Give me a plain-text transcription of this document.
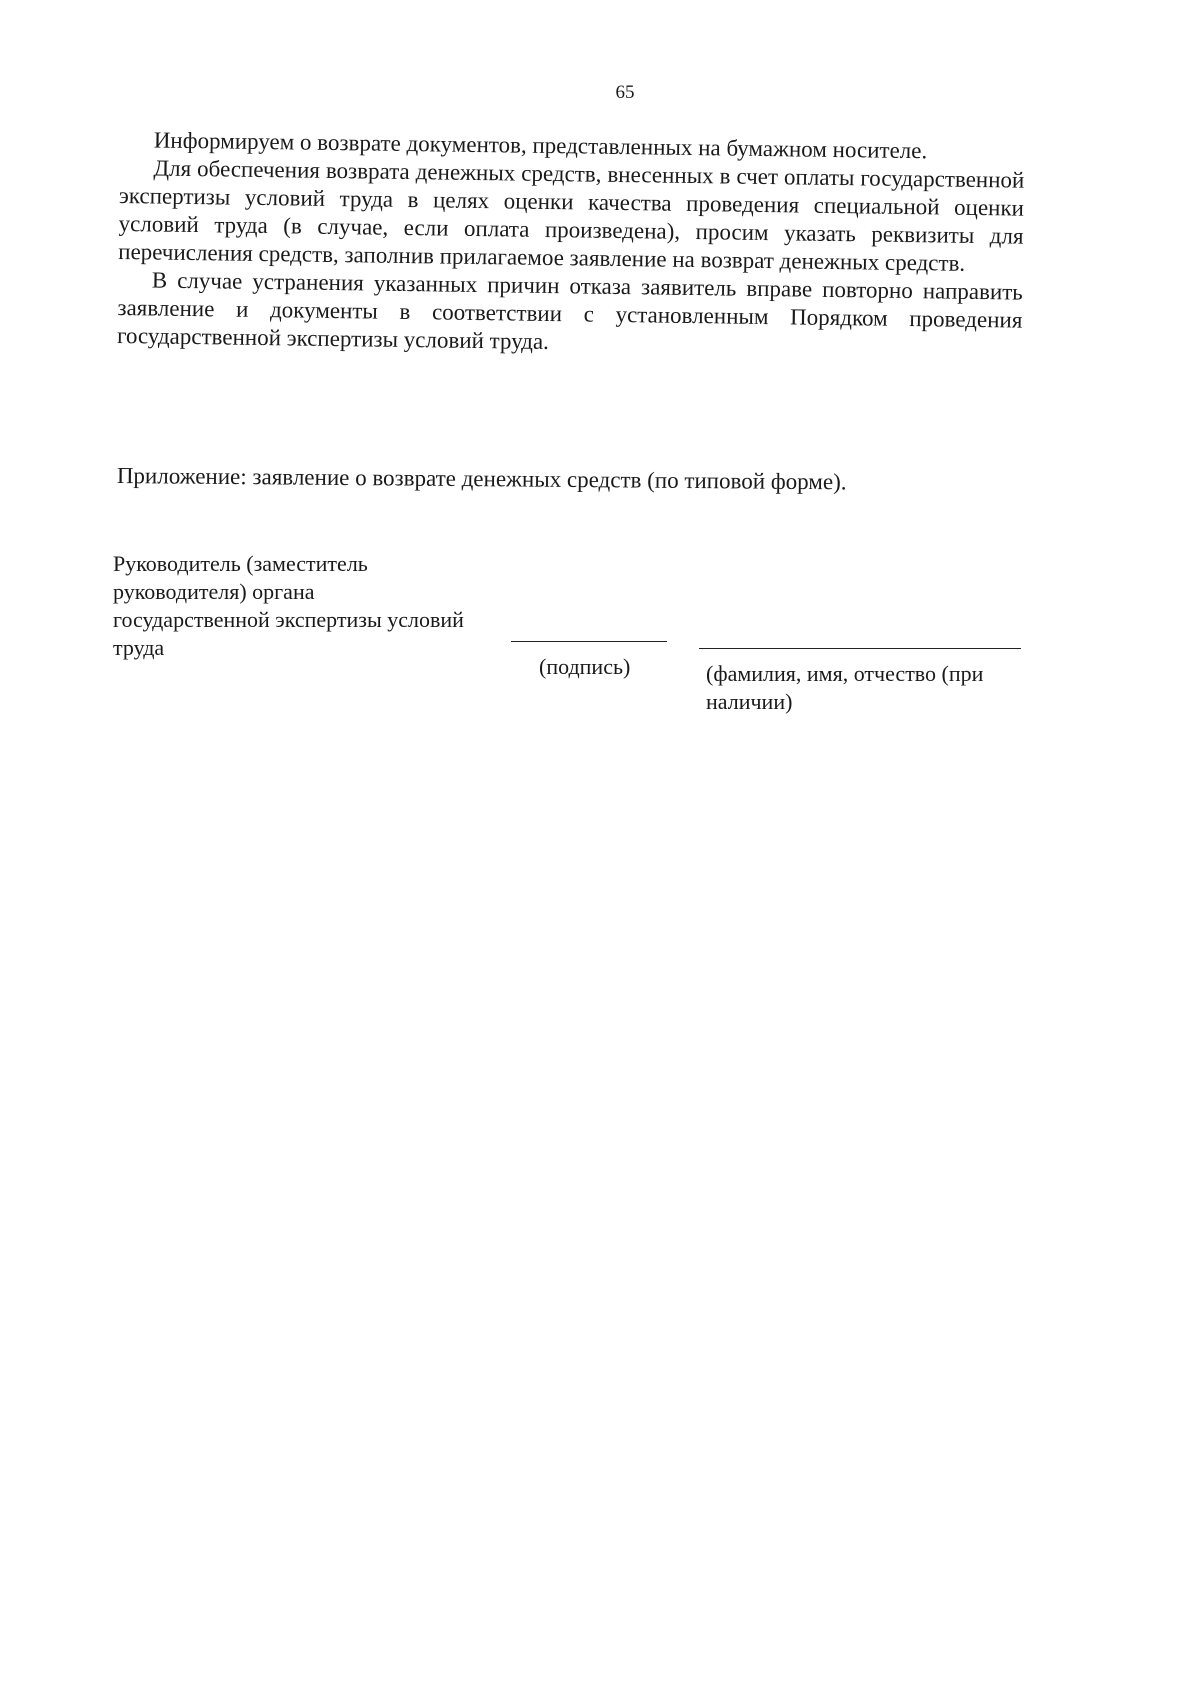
65

Информируем о возврате документов, представленных на бумажном носителе.

Для обеспечения возврата денежных средств, внесенных в счет оплаты государственной экспертизы условий труда в целях оценки качества проведения специальной оценки условий труда (в случае, если оплата произведена), просим указать реквизиты для перечисления средств, заполнив прилагаемое заявление на возврат денежных средств.

В случае устранения указанных причин отказа заявитель вправе повторно направить заявление и документы в соответствии с установленным Порядком проведения государственной экспертизы условий труда.

Приложение: заявление о возврате денежных средств (по типовой форме).
Руководитель (заместитель
руководителя) органа
государственной экспертизы условий
труда
(подпись)	(фамилия, имя, отчество (при наличии)
